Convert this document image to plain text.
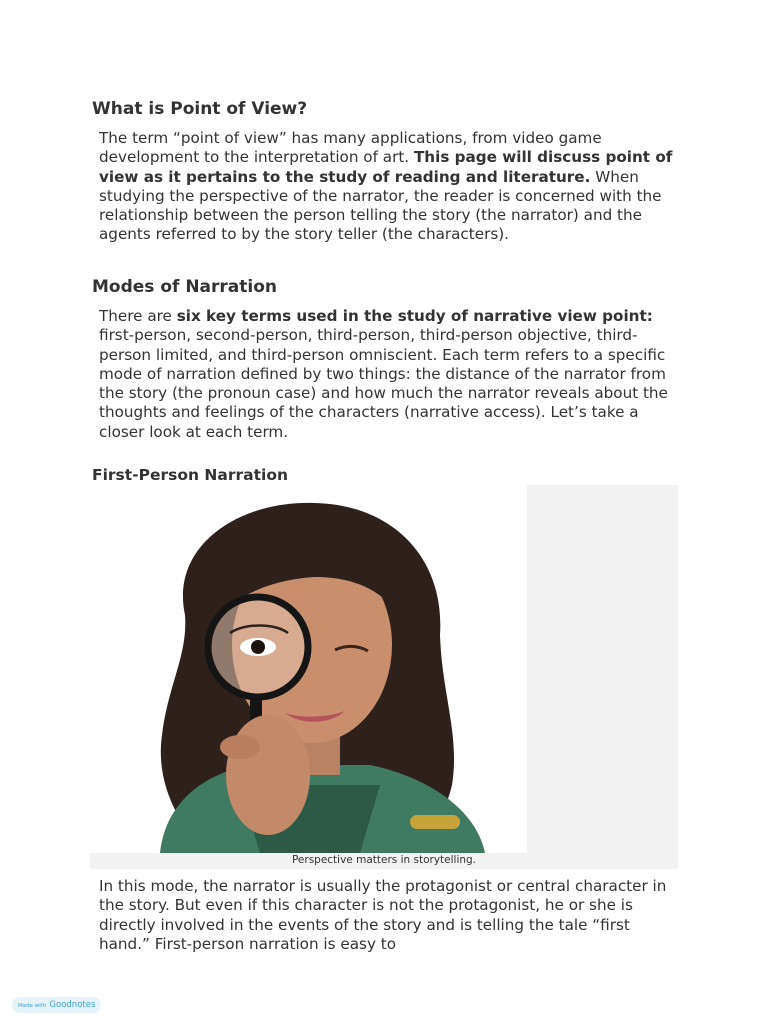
What is Point of View?

The term “point of view” has many applications, from video game development to the interpretation of art. This page will discuss point of view as it pertains to the study of reading and literature. When studying the perspective of the narrator, the reader is concerned with the relationship between the person telling the story (the narrator) and the agents referred to by the story teller (the characters).

Modes of Narration

There are six key terms used in the study of narrative view point: first-person, second-person, third-person, third-person objective, third-person limited, and third-person omniscient. Each term refers to a specific mode of narration defined by two things: the distance of the narrator from the story (the pronoun case) and how much the narrator reveals about the thoughts and feelings of the characters (narrative access). Let’s take a closer look at each term.

First-Person Narration
Perspective matters in storytelling.

In this mode, the narrator is usually the protagonist or central character in the story. But even if this character is not the protagonist, he or she is directly involved in the events of the story and is telling the tale “first hand.” First-person narration is easy to

Made with Goodnotes
